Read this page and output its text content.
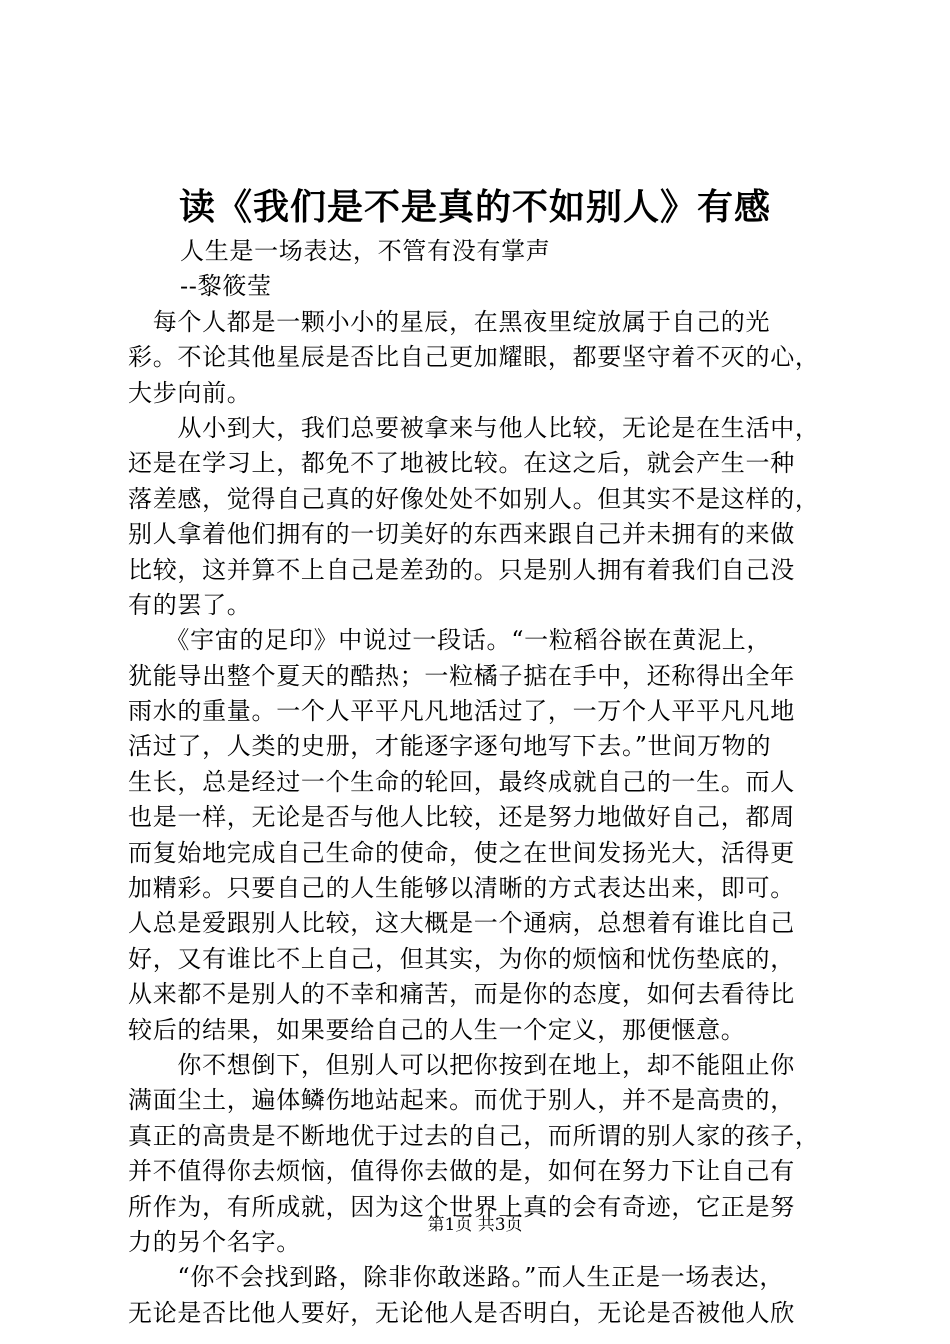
读《我们是不是真的不如别人》有感
人生是一场表达，不管有没有掌声
--黎筱莹
　每个人都是一颗小小的星辰，在黑夜里绽放属于自己的光
彩。不论其他星辰是否比自己更加耀眼，都要坚守着不灭的心，
大步向前。
　　从小到大，我们总要被拿来与他人比较，无论是在生活中，
还是在学习上，都免不了地被比较。在这之后，就会产生一种
落差感，觉得自己真的好像处处不如别人。但其实不是这样的，
别人拿着他们拥有的一切美好的东西来跟自己并未拥有的来做
比较，这并算不上自己是差劲的。只是别人拥有着我们自己没
有的罢了。
　　《宇宙的足印》中说过一段话。“一粒稻谷嵌在黄泥上，
犹能导出整个夏天的酷热；一粒橘子掂在手中，还称得出全年
雨水的重量。一个人平平凡凡地活过了，一万个人平平凡凡地
活过了，人类的史册，才能逐字逐句地写下去。”世间万物的
生长，总是经过一个生命的轮回，最终成就自己的一生。而人
也是一样，无论是否与他人比较，还是努力地做好自己，都周
而复始地完成自己生命的使命，使之在世间发扬光大，活得更
加精彩。只要自己的人生能够以清晰的方式表达出来，即可。
人总是爱跟别人比较，这大概是一个通病，总想着有谁比自己
好，又有谁比不上自己，但其实，为你的烦恼和忧伤垫底的，
从来都不是别人的不幸和痛苦，而是你的态度，如何去看待比
较后的结果，如果要给自己的人生一个定义，那便惬意。
　　你不想倒下，但别人可以把你按到在地上，却不能阻止你
满面尘土，遍体鳞伤地站起来。而优于别人，并不是高贵的，
真正的高贵是不断地优于过去的自己，而所谓的别人家的孩子，
并不值得你去烦恼，值得你去做的是，如何在努力下让自己有
所作为，有所成就，因为这个世界上真的会有奇迹，它正是努
力的另个名字。
　　“你不会找到路，除非你敢迷路。”而人生正是一场表达，
无论是否比他人要好，无论他人是否明白，无论是否被他人欣
第1页 共3页
